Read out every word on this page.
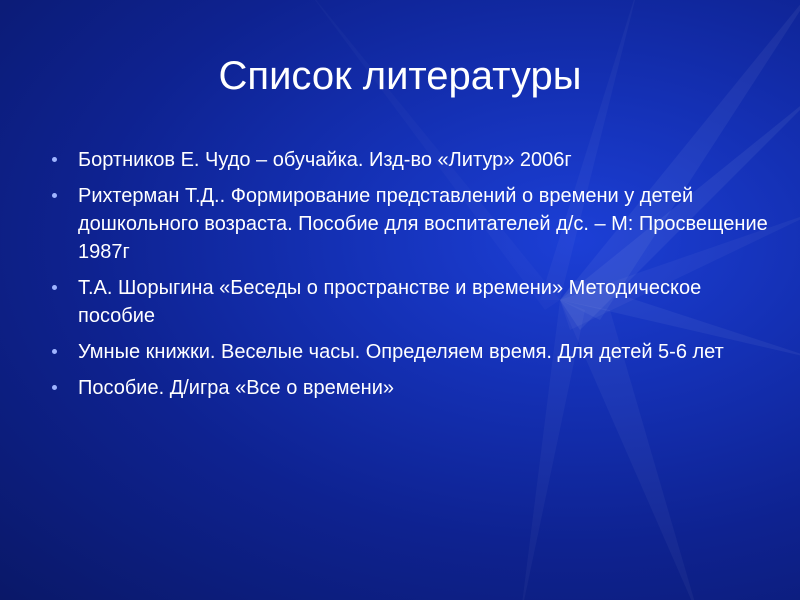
Список литературы
Бортников Е. Чудо – обучайка. Изд-во «Литур» 2006г
Рихтерман Т.Д.. Формирование представлений о времени у детей дошкольного возраста. Пособие для воспитателей д/с. – М: Просвещение 1987г
Т.А. Шорыгина «Беседы о пространстве и времени» Методическое пособие
Умные книжки. Веселые часы. Определяем время. Для детей 5-6 лет
Пособие. Д/игра «Все о времени»
